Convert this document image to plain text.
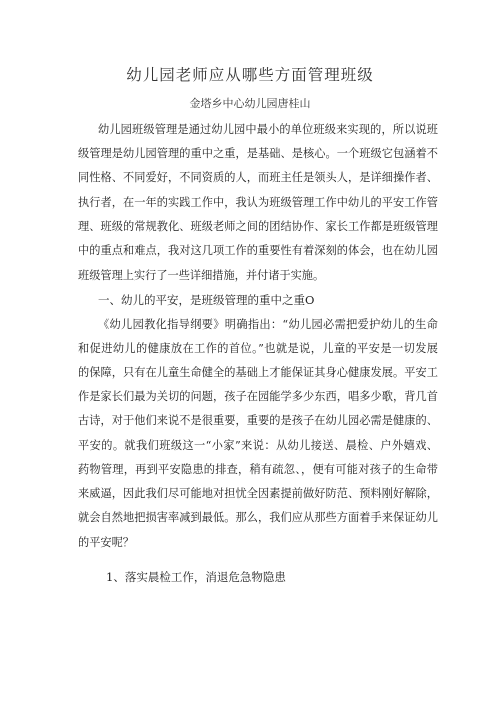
幼儿园老师应从哪些方面管理班级
金塔乡中心幼儿园唐桂山
幼儿园班级管理是通过幼儿园中最小的单位班级来实现的，所以说班
级管理是幼儿园管理的重中之重，是基础、是核心。一个班级它包涵着不
同性格、不同爱好，不同资质的人，而班主任是领头人，是详细操作者、
执行者，在一年的实践工作中，我认为班级管理工作中幼儿的平安工作管
理、班级的常规教化、班级老师之间的团结协作、家长工作都是班级管理
中的重点和难点，我对这几项工作的重要性有着深刻的体会，也在幼儿园
班级管理上实行了一些详细措施，并付诸于实施。
一、幼儿的平安，是班级管理的重中之重O
《幼儿园教化指导纲要》明确指出：“幼儿园必需把爱护幼儿的生命
和促进幼儿的健康放在工作的首位。”也就是说，儿童的平安是一切发展
的保障，只有在儿童生命健全的基础上才能保证其身心健康发展。平安工
作是家长们最为关切的问题，孩子在园能学多少东西，唱多少歌，背几首
古诗，对于他们来说不是很重要，重要的是孩子在幼儿园必需是健康的、
平安的。就我们班级这一“小家”来说：从幼儿接送、晨检、户外嬉戏、
药物管理，再到平安隐患的排查，稍有疏忽、，便有可能对孩子的生命带
来威逼，因此我们尽可能地对担忧全因素提前做好防范、预料刚好解除，
就会自然地把损害率减到最低。那么，我们应从那些方面着手来保证幼儿
的平安呢？
1、落实晨检工作，消退危急物隐患
